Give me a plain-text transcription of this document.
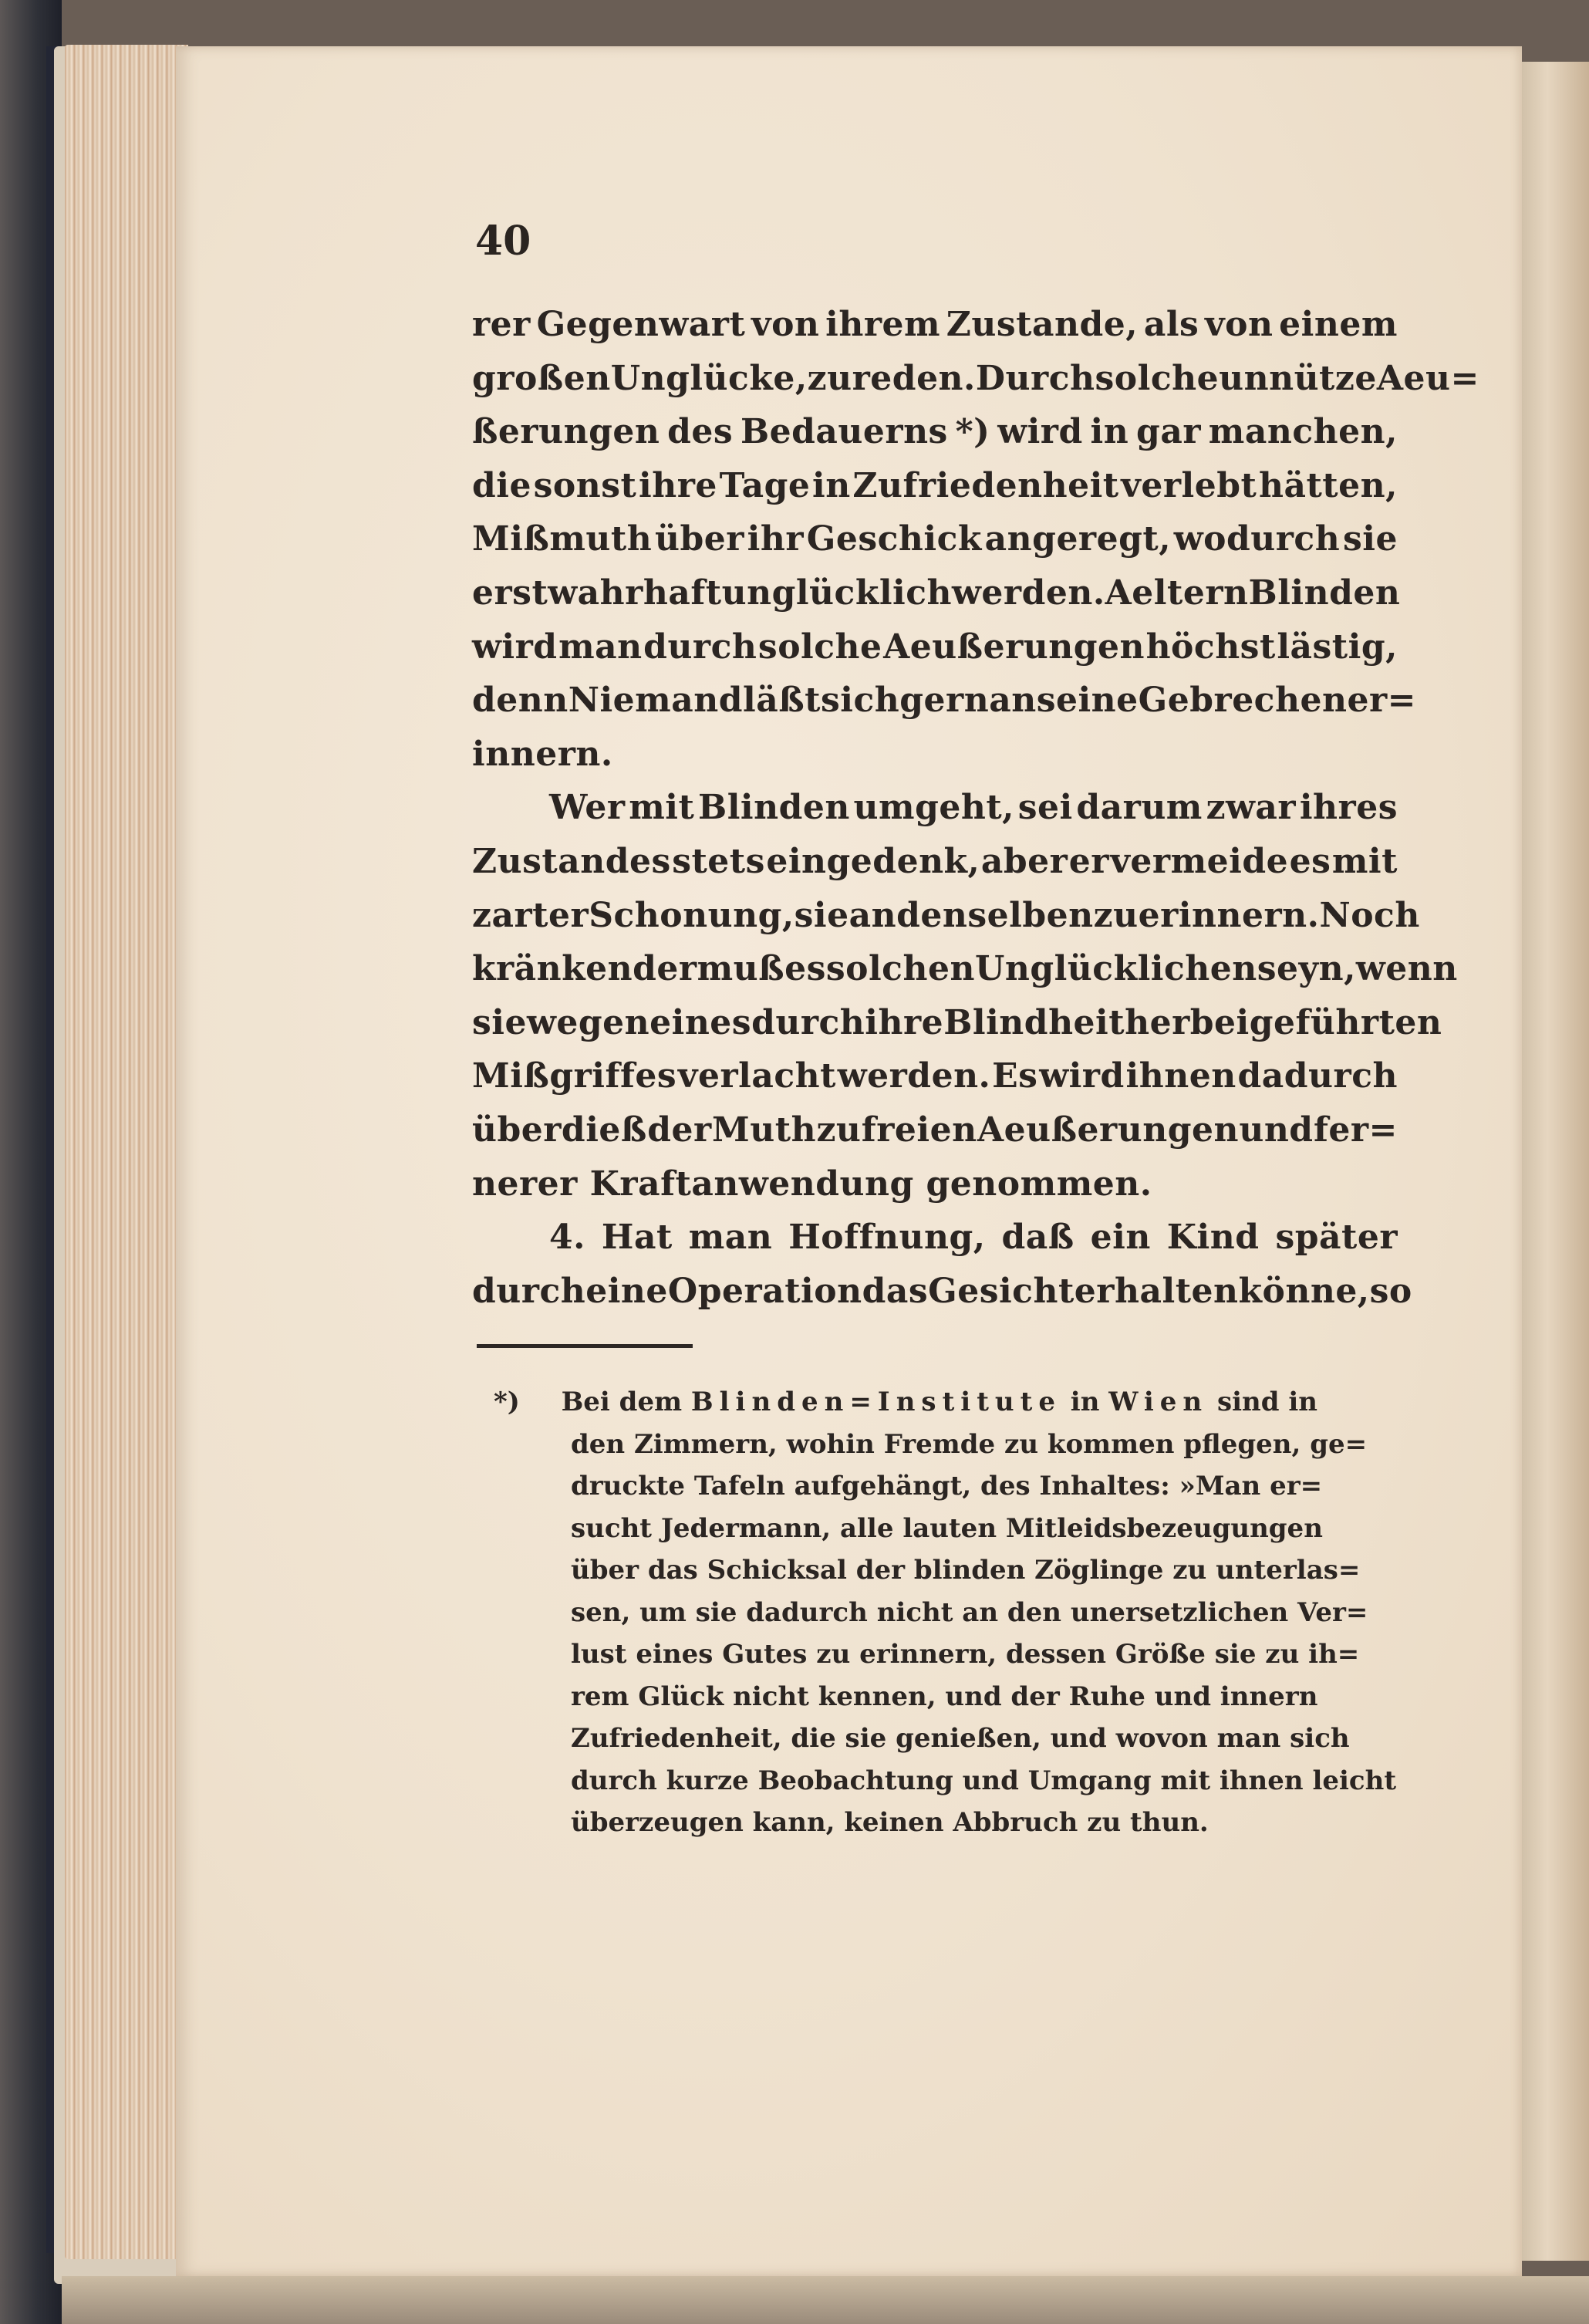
40
rer Gegenwart von ihrem Zustande, als von einem
großen Unglücke, zu reden. Durch solche unnütze Aeu=
ßerungen des Bedauerns *) wird in gar manchen,
die sonst ihre Tage in Zufriedenheit verlebt hätten,
Mißmuth über ihr Geschick angeregt, wodurch sie
erst wahrhaft unglücklich werden. Aeltern Blinden
wird man durch solche Aeußerungen höchst lästig,
denn Niemand läßt sich gern an seine Gebrechen er=
innern.
Wer mit Blinden umgeht, sei darum zwar ihres
Zustandes stets eingedenk, aber er vermeide es mit
zarter Schonung, sie an denselben zu erinnern. Noch
kränkender muß es solchen Unglücklichen seyn, wenn
sie wegen eines durch ihre Blindheit herbeigeführten
Mißgriffes verlacht werden. Es wird ihnen dadurch
überdieß der Muth zu freien Aeußerungen und fer=
nerer Kraftanwendung genommen.
4. Hat man Hoffnung, daß ein Kind später
durch eine Operation das Gesicht erhalten könne, so
*) Bei dem Blinden=Institute in Wien sind in
den Zimmern, wohin Fremde zu kommen pflegen, ge=
druckte Tafeln aufgehängt, des Inhaltes: »Man er=
sucht Jedermann, alle lauten Mitleidsbezeugungen
über das Schicksal der blinden Zöglinge zu unterlas=
sen, um sie dadurch nicht an den unersetzlichen Ver=
lust eines Gutes zu erinnern, dessen Größe sie zu ih=
rem Glück nicht kennen, und der Ruhe und innern
Zufriedenheit, die sie genießen, und wovon man sich
durch kurze Beobachtung und Umgang mit ihnen leicht
überzeugen kann, keinen Abbruch zu thun.
